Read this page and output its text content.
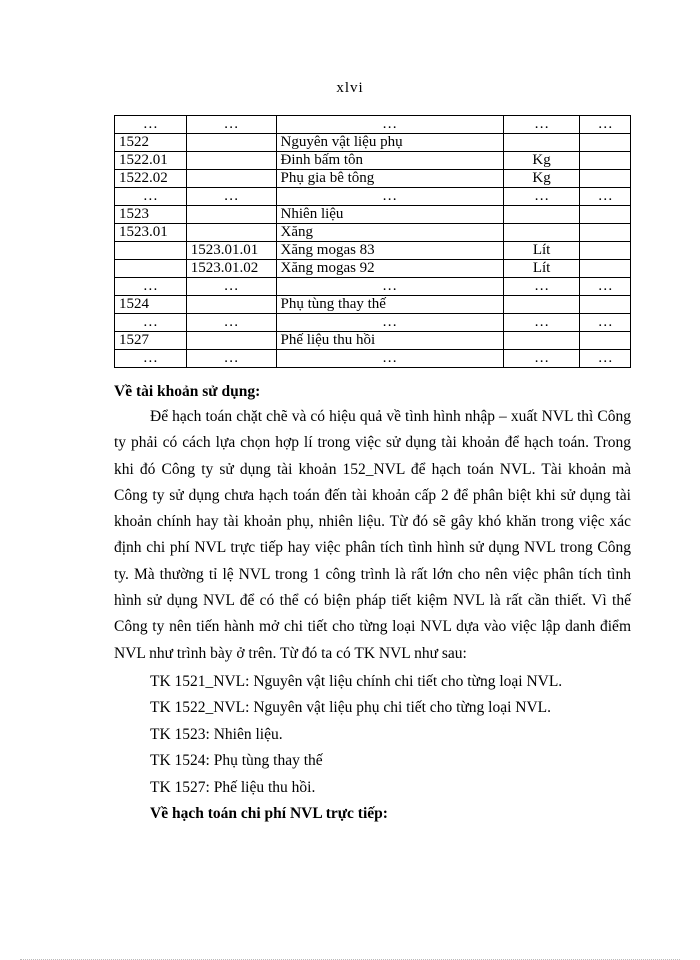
xlvi
…	…	…	…	…
1522		Nguyên vật liệu phụ		
1522.01		Đinh bấm tôn	Kg	
1522.02		Phụ gia bê tông	Kg	
…	…	…	…	…
1523		Nhiên liệu		
1523.01		Xăng		
	1523.01.01	Xăng mogas 83	Lít	
	1523.01.02	Xăng mogas 92	Lít	
…	…	…	…	…
1524		Phụ tùng thay thế		
…	…	…	…	…
1527		Phế liệu thu hồi		
…	…	…	…	…
Về tài khoản sử dụng:
Để hạch toán chặt chẽ và có hiệu quả về tình hình nhập – xuất NVL thì Công ty phải có cách lựa chọn hợp lí trong việc sử dụng tài khoản để hạch toán. Trong khi đó Công ty sử dụng tài khoản 152_NVL để hạch toán NVL. Tài khoản mà Công ty sử dụng chưa hạch toán đến tài khoản cấp 2 để phân biệt khi sử dụng tài khoản chính hay tài khoản phụ, nhiên liệu. Từ đó sẽ gây khó khăn trong việc xác định chi phí NVL trực tiếp hay việc phân tích tình hình sử dụng NVL trong Công ty. Mà thường tỉ lệ NVL trong 1 công trình là rất lớn cho nên việc phân tích tình hình sử dụng NVL để có thể có biện pháp tiết kiệm NVL là rất cần thiết. Vì thế Công ty nên tiến hành mở chi tiết cho từng loại NVL dựa vào việc lập danh điểm NVL như trình bày ở trên. Từ đó ta có TK NVL như sau:
TK 1521_NVL: Nguyên vật liệu chính chi tiết cho từng loại NVL.
TK 1522_NVL: Nguyên vật liệu phụ chi tiết cho từng loại NVL.
TK 1523: Nhiên liệu.
TK 1524: Phụ tùng thay thế
TK 1527: Phế liệu thu hồi.
Về hạch toán chi phí NVL trực tiếp:
